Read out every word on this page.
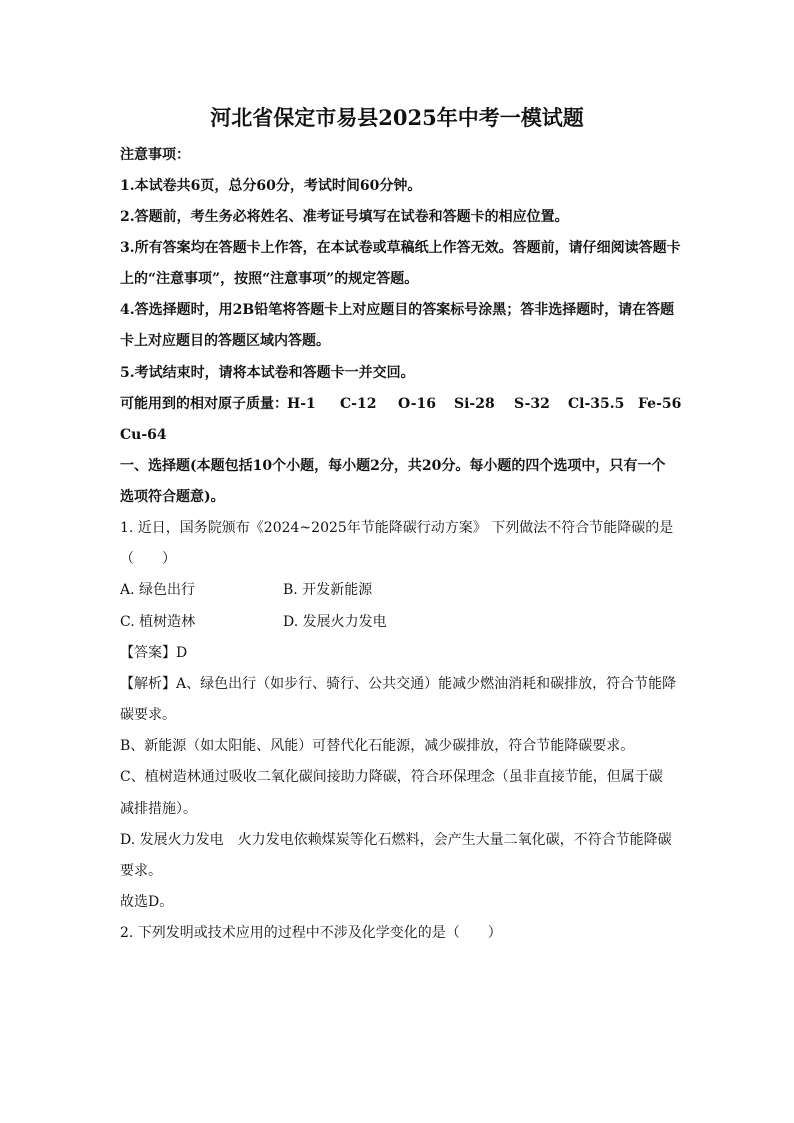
河北省保定市易县2025年中考一模试题

注意事项：

1.本试卷共6页，总分60分，考试时间60分钟。

2.答题前，考生务必将姓名、准考证号填写在试卷和答题卡的相应位置。

3.所有答案均在答题卡上作答，在本试卷或草稿纸上作答无效。答题前，请仔细阅读答题卡

上的“注意事项”，按照“注意事项”的规定答题。

4.答选择题时，用2B铅笔将答题卡上对应题目的答案标号涂黑；答非选择题时，请在答题

卡上对应题目的答题区域内答题。

5.考试结束时，请将本试卷和答题卡一并交回。

可能用到的相对原子质量： H-1 C-12 O-16 Si-28 S-32 Cl-35.5 Fe-56
Cu-64

一、选择题(本题包括10个小题，每小题2分，共20分。每小题的四个选项中，只有一个

选项符合题意)。

1. 近日，国务院颁布《2024~2025年节能降碳行动方案》 下列做法不符合节能降碳的是

（　　）

A. 绿色出行	B. 开发新能源
C. 植树造林	D. 发展火力发电

【答案】D

【解析】A、绿色出行（如步行、骑行、公共交通）能减少燃油消耗和碳排放，符合节能降

碳要求。

B、新能源（如太阳能、风能）可替代化石能源，减少碳排放，符合节能降碳要求。

C、植树造林通过吸收二氧化碳间接助力降碳，符合环保理念（虽非直接节能，但属于碳

减排措施）。

D. 发展火力发电　火力发电依赖煤炭等化石燃料，会产生大量二氧化碳，不符合节能降碳

要求。

故选D。

2. 下列发明或技术应用的过程中不涉及化学变化的是（　　）
